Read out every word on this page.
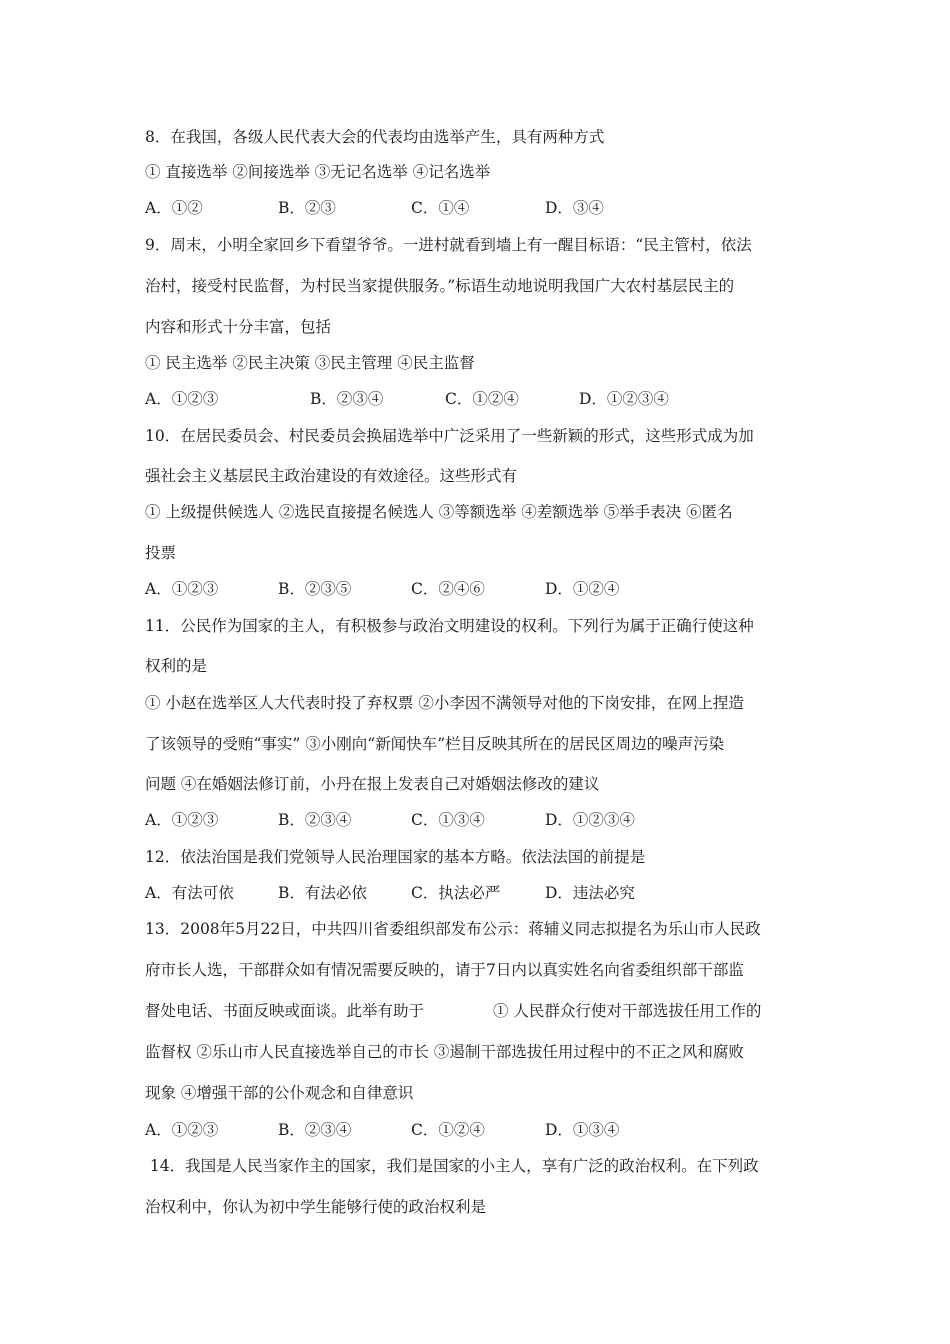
8．在我国，各级人民代表大会的代表均由选举产生，具有两种方式
① 直接选举 ②间接选举 ③无记名选举 ④记名选举
A．①②	B．②③	C．①④	D．③④
9．周末，小明全家回乡下看望爷爷。一进村就看到墙上有一醒目标语：“民主管村，依法
治村，接受村民监督，为村民当家提供服务。”标语生动地说明我国广大农村基层民主的
内容和形式十分丰富，包括
① 民主选举 ②民主决策 ③民主管理 ④民主监督
A．①②③	B．②③④	C．①②④	D．①②③④
10．在居民委员会、村民委员会换届选举中广泛采用了一些新颖的形式，这些形式成为加
强社会主义基层民主政治建设的有效途径。这些形式有
① 上级提供候选人 ②选民直接提名候选人 ③等额选举 ④差额选举 ⑤举手表决 ⑥匿名
投票
A．①②③	B．②③⑤	C．②④⑥	D．①②④
11．公民作为国家的主人，有积极参与政治文明建设的权利。下列行为属于正确行使这种
权利的是
① 小赵在选举区人大代表时投了弃权票 ②小李因不满领导对他的下岗安排，在网上捏造
了该领导的受贿“事实” ③小刚向“新闻快车”栏目反映其所在的居民区周边的噪声污染
问题 ④在婚姻法修订前，小丹在报上发表自己对婚姻法修改的建议
A．①②③	B．②③④	C．①③④	D．①②③④
12．依法治国是我们党领导人民治理国家的基本方略。依法法国的前提是
A．有法可依	B．有法必依	C．执法必严	D．违法必究
13．2008年5月22日，中共四川省委组织部发布公示：蒋辅义同志拟提名为乐山市人民政
府市长人选，干部群众如有情况需要反映的，请于7日内以真实姓名向省委组织部干部监
督处电话、书面反映或面谈。此举有助于              ① 人民群众行使对干部选拔任用工作的
监督权 ②乐山市人民直接选举自己的市长 ③遏制干部选拔任用过程中的不正之风和腐败
现象 ④增强干部的公仆观念和自律意识
A．①②③	B．②③④	C．①②④	D．①③④
14．我国是人民当家作主的国家，我们是国家的小主人，享有广泛的政治权利。在下列政
治权利中，你认为初中学生能够行使的政治权利是
